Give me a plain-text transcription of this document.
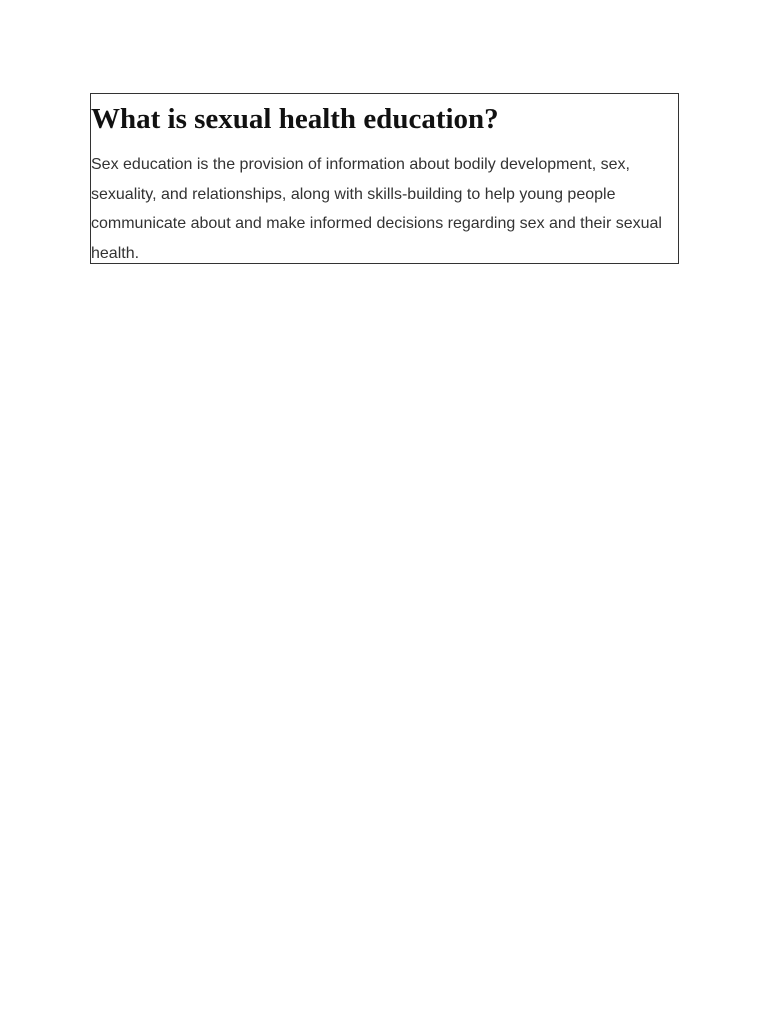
What is sexual health education?

Sex education is the provision of information about bodily development, sex, sexuality, and relationships, along with skills-building to help young people communicate about and make informed decisions regarding sex and their sexual health.
